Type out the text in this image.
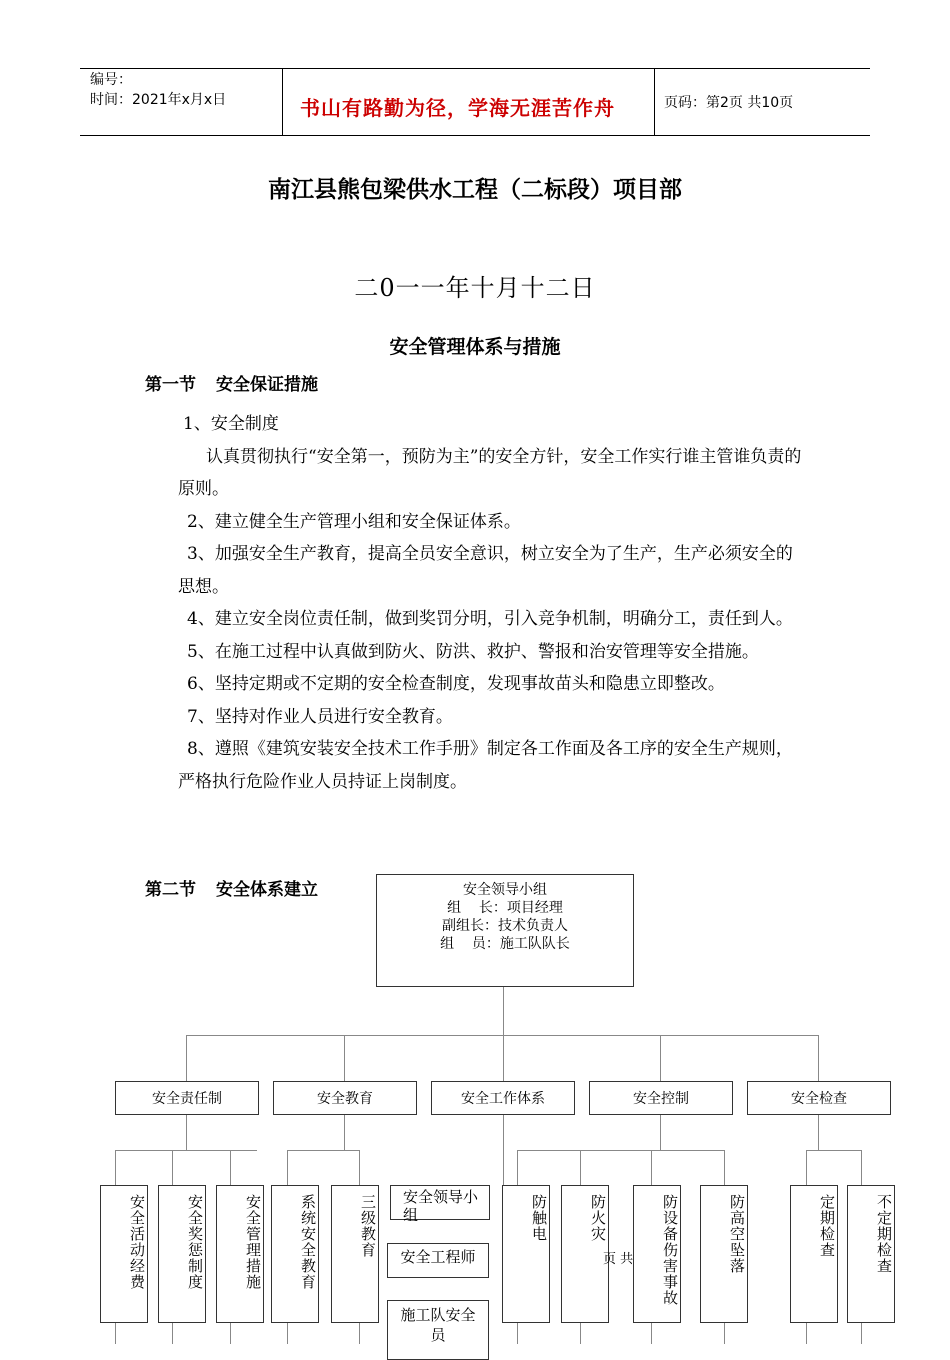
编号：
时间：2021年x月x日	书山有路勤为径，学海无涯苦作舟	页码：第2页 共10页
南江县熊包梁供水工程（二标段）项目部
二0一一年十月十二日
安全管理体系与措施
第一节 安全保证措施

1、安全制度

认真贯彻执行“安全第一，预防为主”的安全方针，安全工作实行谁主管谁负责的原则。

2、建立健全生产管理小组和安全保证体系。

3、加强安全生产教育，提高全员安全意识，树立安全为了生产，生产必须安全的思想。

4、建立安全岗位责任制，做到奖罚分明，引入竞争机制，明确分工，责任到人。

5、在施工过程中认真做到防火、防洪、救护、警报和治安管理等安全措施。

6、坚持定期或不定期的安全检查制度，发现事故苗头和隐患立即整改。

7、坚持对作业人员进行安全教育。

8、遵照《建筑安装安全技术工作手册》制定各工作面及各工序的安全生产规则，严格执行危险作业人员持证上岗制度。

第二节 安全体系建立	安全领导小组
组    长：项目经理
副组长：技术负责人
组    员：施工队队长
安全责任制	安全教育	安全工作体系	安全控制	安全检查
安全活动经费	安全奖惩制度	安全管理措施	系统安全教育	三级教育	安全领导小组
安全工程师
施工队安全员
防触电	防火灾
页 共	防设备伤害事故	防高空坠落	定期检查	不定期检查
